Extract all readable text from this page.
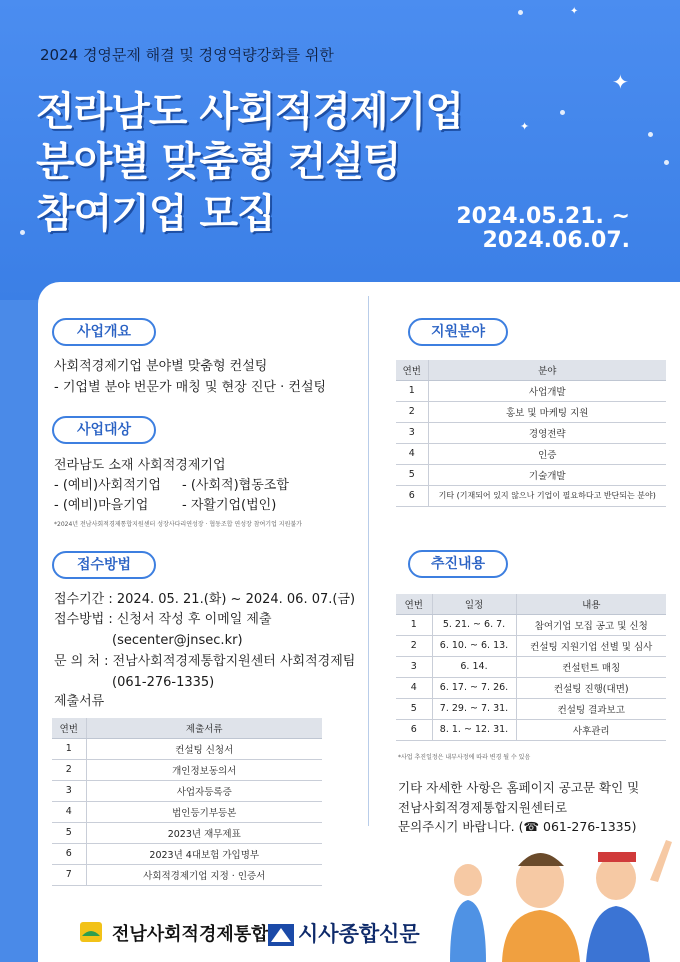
✦
✦
✦
2024 경영문제 해결 및 경영역량강화를 위한
전라남도 사회적경제기업
분야별 맞춤형 컨설팅
참여기업 모집	2024.05.21. ~
2024.06.07.
사업개요
사회적경제기업 분야별 맞춤형 컨설팅
- 기업별 분야 번문가 매칭 및 현장 진단 · 컨설팅
사업대상
전라남도 소재 사회적경제기업
- (예비)사회적기업 - (사회적)협동조합
- (예비)마을기업	- 자활기업(법인)
*2024년 전남사회적경제통합지원센터 성장사다리연성장 · 협동조합 연성장 참여기업 지원불가
접수방법
접수기간 : 2024. 05. 21.(화) ~ 2024. 06. 07.(금)
접수방법 : 신청서 작성 후 이메일 제출
(secenter@jnsec.kr)
문 의 처 : 전남사회적경제통합지원센터 사회적경제팀
(061-276-1335)
제출서류
연번	제출서류
1	컨설팅 신청서
2	개인정보동의서
3	사업자등록증
4	법인등기부등본
5	2023년 재무제표
6	2023년 4대보험 가입명부
7	사회적경제기업 지정 · 인증서
지원분야
연번	분야
1	사업개발
2	홍보 및 마케팅 지원
3	경영전략
4	인증
5	기술개발
6	기타 (기재되어 있지 않으나 기업이 필요하다고 반단되는 분야)
추진내용
연번	일정	내용
1	5. 21. ~ 6. 7.	참여기업 모집 공고 및 신청
2	6. 10. ~ 6. 13.	컨설팅 지원기업 선별 및 심사
3	6. 14.	컨설턴트 매칭
4	6. 17. ~ 7. 26.	컨설팅 진행(대면)
5	7. 29. ~ 7. 31.	컨설팅 결과보고
6	8. 1. ~ 12. 31.	사후관리
*사업 추진일정은 내부사정에 따라 변경 될 수 있음
기타 자세한 사항은 홈페이지 공고문 확인 및
전남사회적경제통합지원센터로
문의주시기 바랍니다. (☎ 061-276-1335)
전남사회적경제통합 시사종합신문
